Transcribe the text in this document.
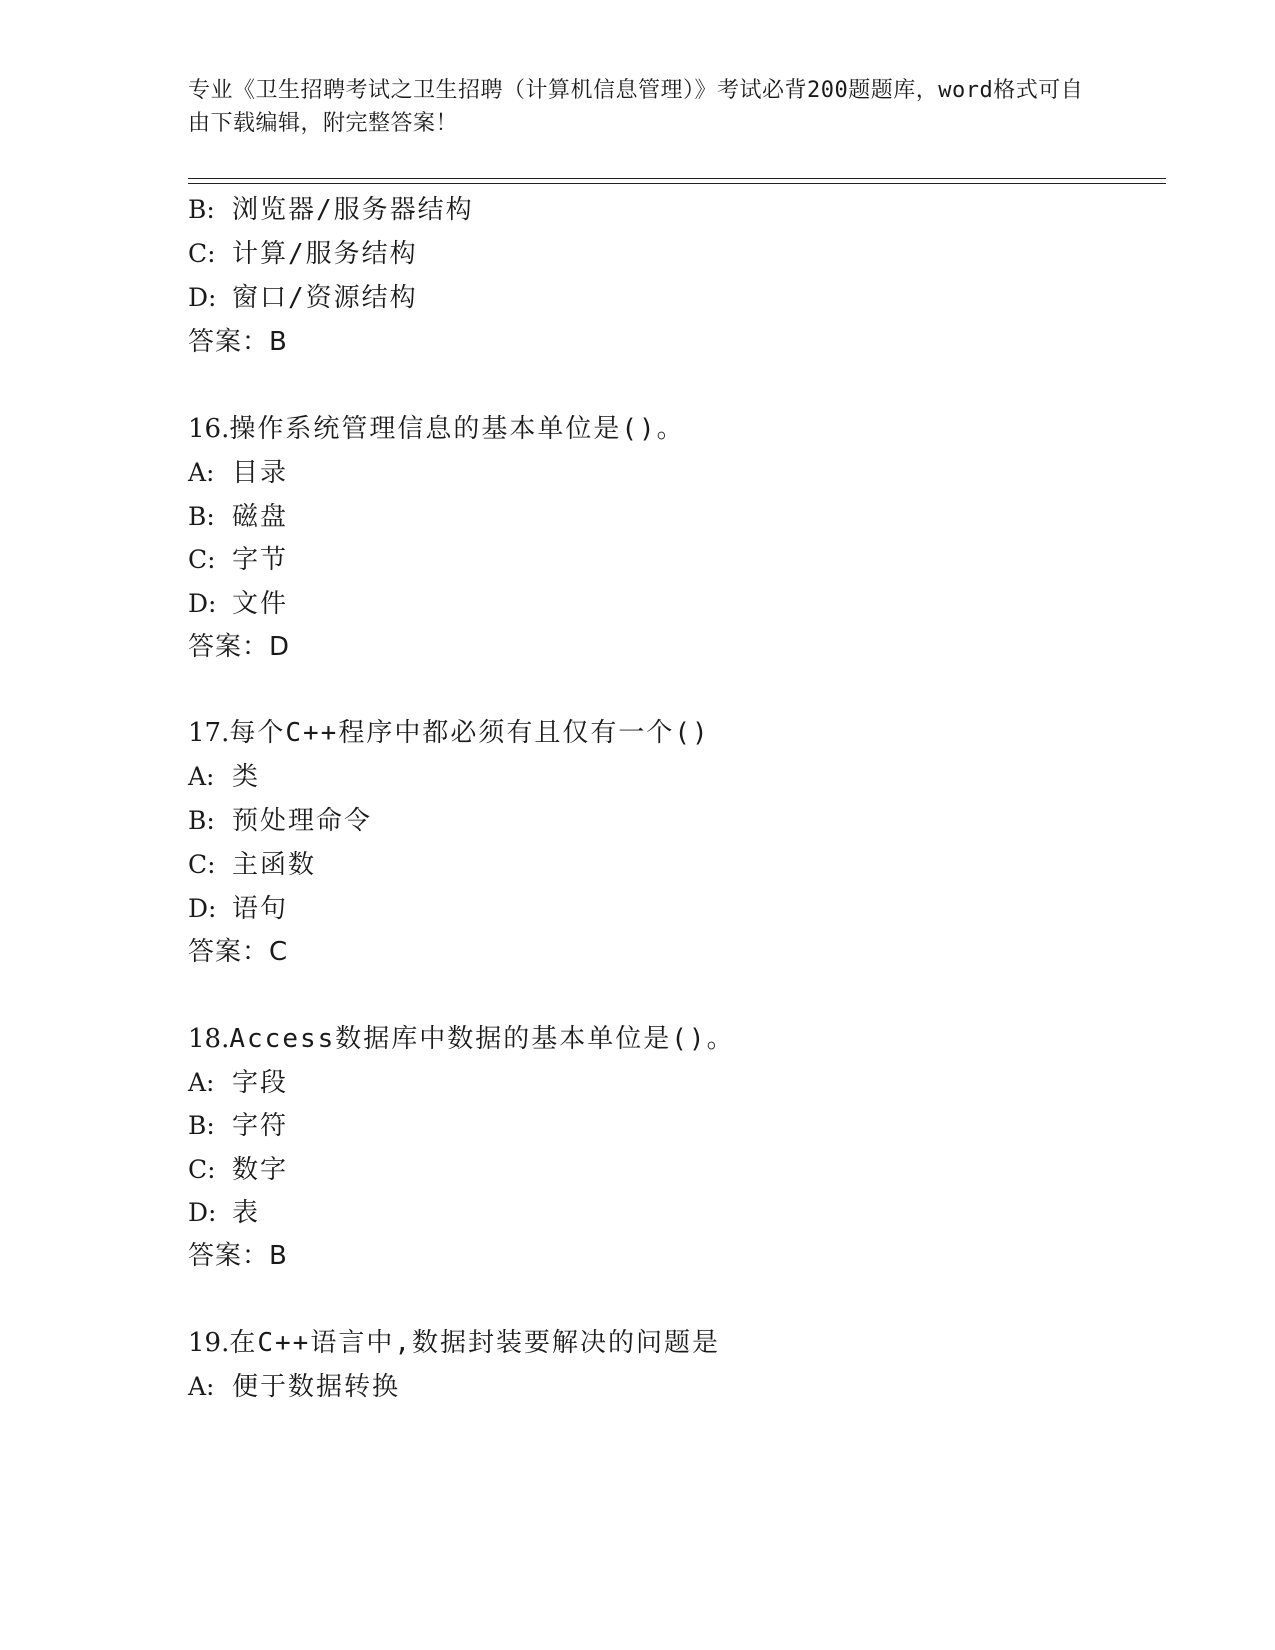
专业《卫生招聘考试之卫生招聘（计算机信息管理）》考试必背200题题库，word格式可自由下载编辑，附完整答案！
B: 浏览器/服务器结构
C: 计算/服务结构
D: 窗口/资源结构
答案：B
16.操作系统管理信息的基本单位是()。
A: 目录
B: 磁盘
C: 字节
D: 文件
答案：D
17.每个C++程序中都必须有且仅有一个()
A: 类
B: 预处理命令
C: 主函数
D: 语句
答案：C
18.Access数据库中数据的基本单位是()。
A: 字段
B: 字符
C: 数字
D: 表
答案：B
19.在C++语言中,数据封装要解决的问题是
A: 便于数据转换
